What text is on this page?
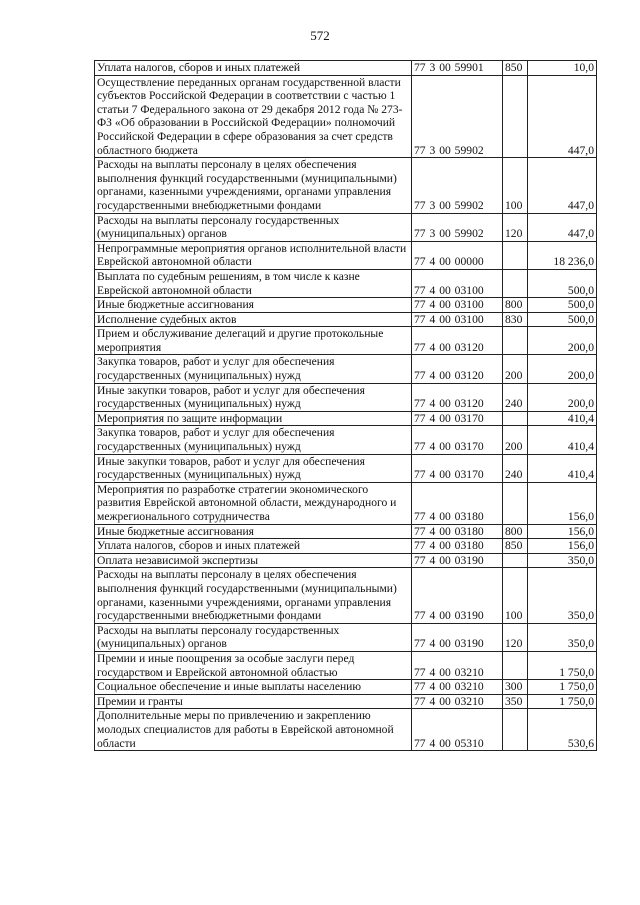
572
Уплата налогов, сборов и иных платежей	77 3 00 59901	850	10,0
Осуществление переданных органам государственной власти субъектов Российской Федерации в соответствии с частью 1 статьи 7 Федерального закона от 29 декабря 2012 года № 273-ФЗ «Об образовании в Российской Федерации» полномочий Российской Федерации в сфере образования за счет средств областного бюджета	77 3 00 59902		447,0
Расходы на выплаты персоналу в целях обеспечения выполнения функций государственными (муниципальными) органами, казенными учреждениями, органами управления государственными внебюджетными фондами	77 3 00 59902	100	447,0
Расходы на выплаты персоналу государственных (муниципальных) органов	77 3 00 59902	120	447,0
Непрограммные мероприятия органов исполнительной власти Еврейской автономной области	77 4 00 00000		18 236,0
Выплата по судебным решениям, в том числе к казне Еврейской автономной области	77 4 00 03100		500,0
Иные бюджетные ассигнования	77 4 00 03100	800	500,0
Исполнение судебных актов	77 4 00 03100	830	500,0
Прием и обслуживание делегаций и другие протокольные мероприятия	77 4 00 03120		200,0
Закупка товаров, работ и услуг для обеспечения государственных (муниципальных) нужд	77 4 00 03120	200	200,0
Иные закупки товаров, работ и услуг для обеспечения государственных (муниципальных) нужд	77 4 00 03120	240	200,0
Мероприятия по защите информации	77 4 00 03170		410,4
Закупка товаров, работ и услуг для обеспечения государственных (муниципальных) нужд	77 4 00 03170	200	410,4
Иные закупки товаров, работ и услуг для обеспечения государственных (муниципальных) нужд	77 4 00 03170	240	410,4
Мероприятия по разработке стратегии экономического развития Еврейской автономной области, международного и межрегионального сотрудничества	77 4 00 03180		156,0
Иные бюджетные ассигнования	77 4 00 03180	800	156,0
Уплата налогов, сборов и иных платежей	77 4 00 03180	850	156,0
Оплата независимой экспертизы	77 4 00 03190		350,0
Расходы на выплаты персоналу в целях обеспечения выполнения функций государственными (муниципальными) органами, казенными учреждениями, органами управления государственными внебюджетными фондами	77 4 00 03190	100	350,0
Расходы на выплаты персоналу государственных (муниципальных) органов	77 4 00 03190	120	350,0
Премии и иные поощрения за особые заслуги перед государством и Еврейской автономной областью	77 4 00 03210		1 750,0
Социальное обеспечение и иные выплаты населению	77 4 00 03210	300	1 750,0
Премии и гранты	77 4 00 03210	350	1 750,0
Дополнительные меры по привлечению и закреплению молодых специалистов для работы в Еврейской автономной области	77 4 00 05310		530,6
